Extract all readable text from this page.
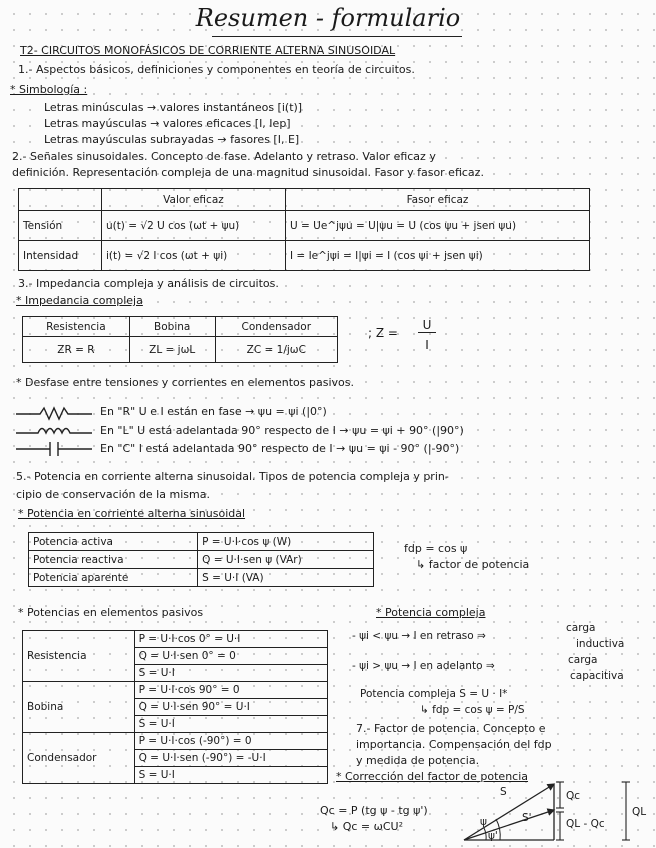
Resumen - formulario
T2- CIRCUITOS MONOFÁSICOS DE CORRIENTE ALTERNA SINUSOIDAL
1.- Aspectos básicos, definiciones y componentes en teoría de circuitos.
* Simbología :
Letras minúsculas → valores instantáneos [i(t)]
Letras mayúsculas → valores eficaces [I, Iep]
Letras mayúsculas subrayadas → fasores [I, E]
2.- Señales sinusoidales. Concepto de fase. Adelanto y retraso. Valor eficaz y
definición. Representación compleja de una magnitud sinusoidal. Fasor y fasor eficaz.
	Valor eficaz	Fasor eficaz
Tensión	u(t) = √2 U cos (ωt + ψu)	U = Ue^jψu = U|ψu = U (cos ψu + jsen ψu)
Intensidad	i(t) = √2 I cos (ωt + ψi)	I = Ie^jψi = I|ψi = I (cos ψi + jsen ψi)
3.- Impedancia compleja y análisis de circuitos.
* Impedancia compleja
Resistencia	Bobina	Condensador
ZR = R	ZL = jωL	ZC = 1/jωC
; Z =
U
I
* Desfase entre tensiones y corrientes en elementos pasivos.
En "R" U e I están en fase → ψu = ψi (|0°)
En "L" U está adelantada 90° respecto de I → ψu = ψi + 90° (|90°)
En "C" I está adelantada 90° respecto de I → ψu = ψi - 90° (|-90°)
5.- Potencia en corriente alterna sinusoidal. Tipos de potencia compleja y prin-
cipio de conservación de la misma.
* Potencia en corriente alterna sinusoidal
Potencia activa	P = U·I·cos ψ (W)
Potencia reactiva	Q = U·I·sen ψ (VAr)
Potencia aparente	S = U·I (VA)
fdp = cos ψ
↳ factor de potencia
* Potencias en elementos pasivos
Resistencia	P = U·I·cos 0° = U·I
	Q = U·I·sen 0° = 0
	S = U·I
Bobina	P = U·I·cos 90° = 0
	Q = U·I·sen 90° = U·I
	S = U·I
Condensador	P = U·I·cos (-90°) = 0
	Q = U·I·sen (-90°) = -U·I
	S = U·I
* Potencia compleja
- ψi < ψu → I en retraso ⇒
carga
inductiva
- ψi > ψu → I en adelanto ⇒	carga
capacitiva
Potencia compleja S = U · I*
↳ fdp = cos ψ = P/S
7.- Factor de potencia. Concepto e
importancia. Compensación del fdp
y medida de potencia.
* Corrección del factor de potencia
Qc = P (tg ψ - tg ψ')
↳ Qc = ωCU²
S
S'
ψ
ψ'
Qc
QL - Qc
QL
